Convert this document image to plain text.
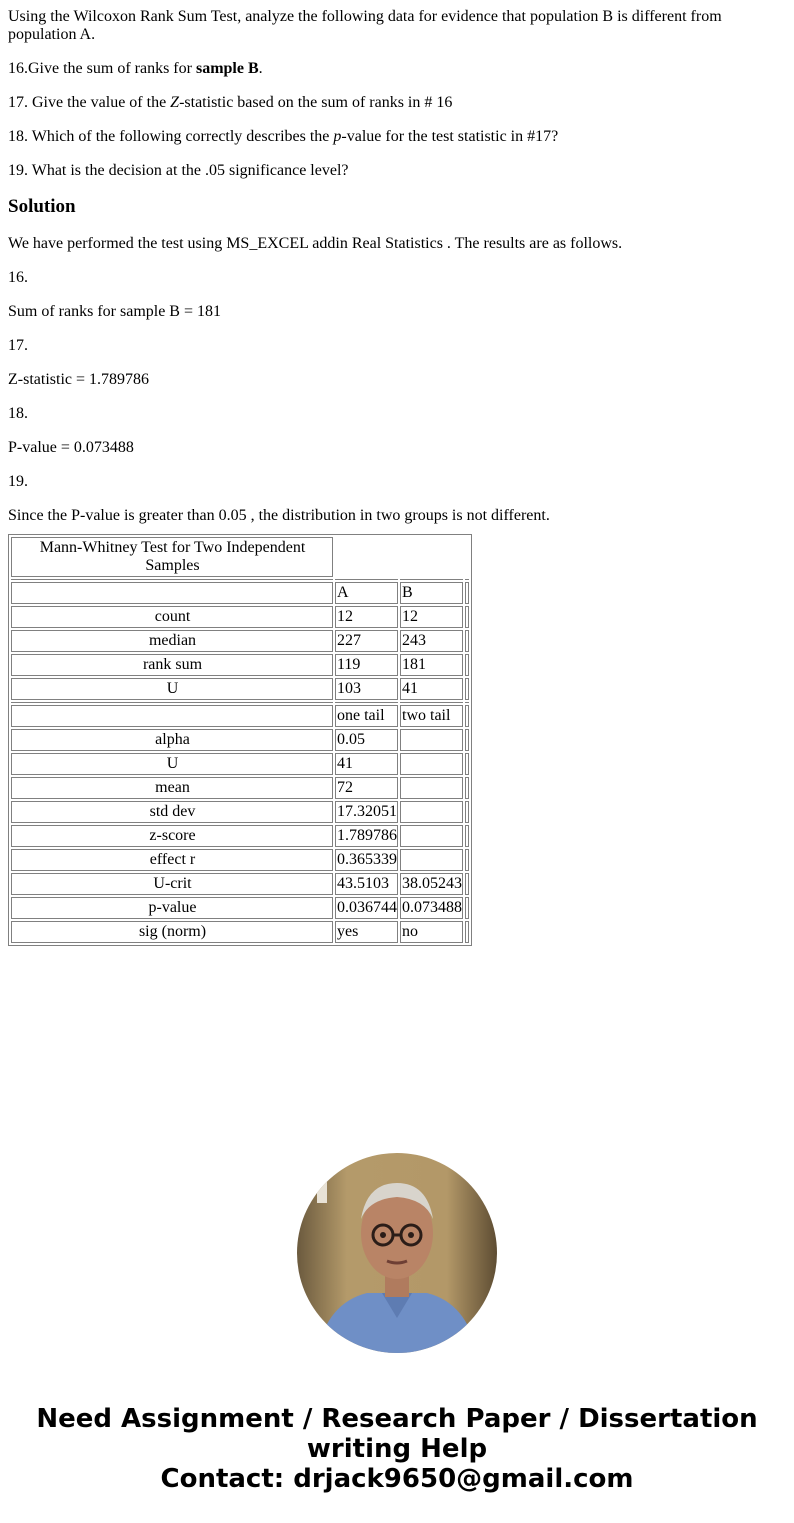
Using the Wilcoxon Rank Sum Test, analyze the following data for evidence that population B is different from population A.

16.Give the sum of ranks for sample B.

17. Give the value of the Z-statistic based on the sum of ranks in # 16

18. Which of the following correctly describes the p-value for the test statistic in #17?

19. What is the decision at the .05 significance level?

Solution

We have performed the test using MS_EXCEL addin Real Statistics . The results are as follows.

16.

Sum of ranks for sample B = 181

17.

Z-statistic = 1.789786

18.

P-value = 0.073488

19.

Since the P-value is greater than 0.05 , the distribution in two groups is not different.

Mann-Whitney Test for Two Independent Samples			

	A	B	
count	12	12	
median	227	243	
rank sum	119	181	
U	103	41	

	one tail	two tail	
alpha	0.05		
U	41		
mean	72		
std dev	17.32051		
z-score	1.789786		
effect r	0.365339		
U-crit	43.5103	38.05243	
p-value	0.036744	0.073488	
sig (norm)	yes	no	
Need Assignment / Research Paper / Dissertation
writing Help
Contact: drjack9650@gmail.com
